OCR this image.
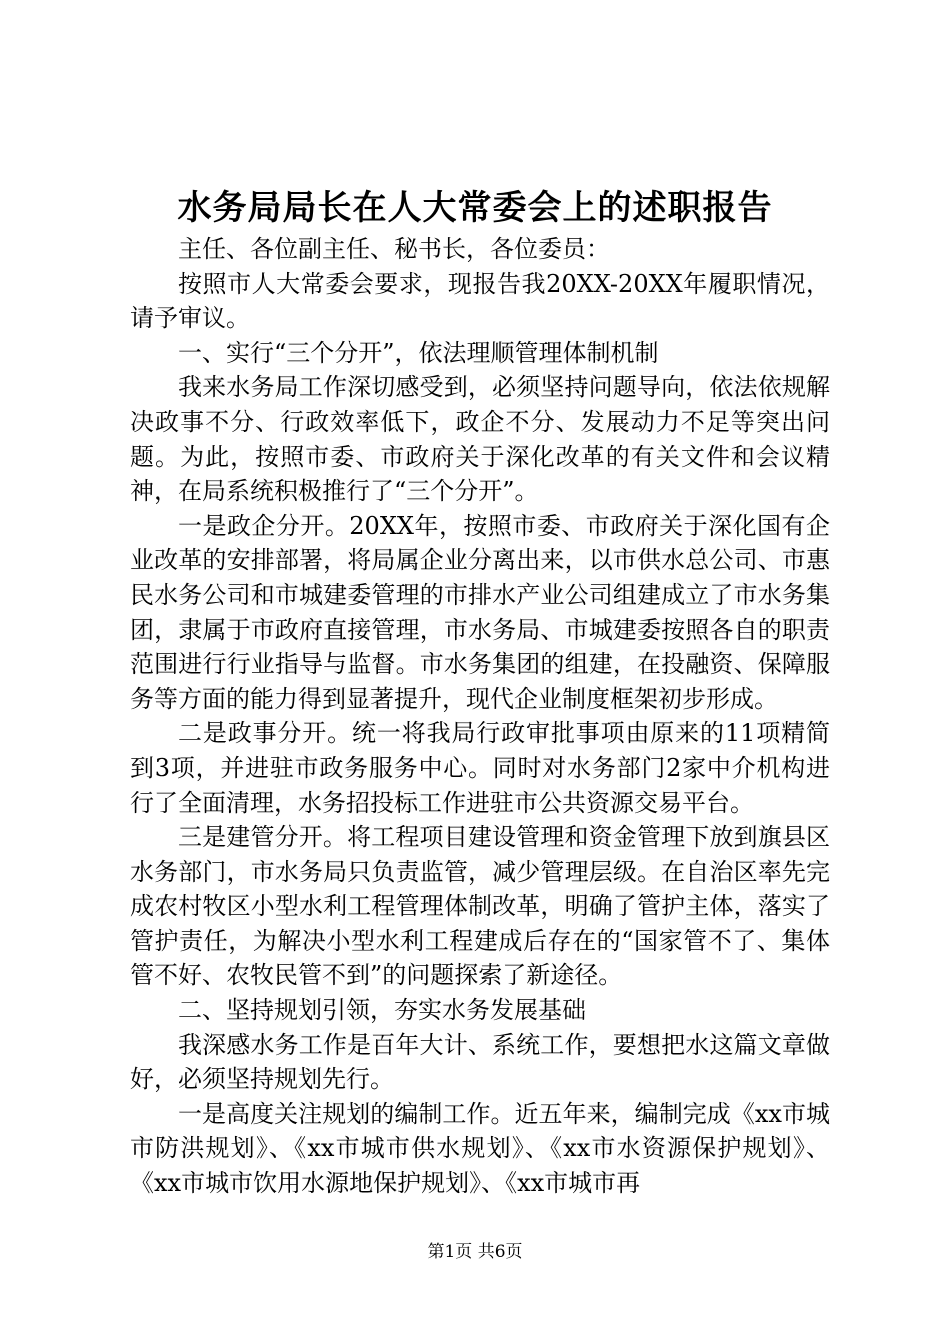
水务局局长在人大常委会上的述职报告

主任、各位副主任、秘书长，各位委员：

按照市人大常委会要求，现报告我20XX-20XX年履职情况，请予审议。

一、实行“三个分开”，依法理顺管理体制机制

我来水务局工作深切感受到，必须坚持问题导向，依法依规解决政事不分、行政效率低下，政企不分、发展动力不足等突出问题。为此，按照市委、市政府关于深化改革的有关文件和会议精神，在局系统积极推行了“三个分开”。

一是政企分开。20XX年，按照市委、市政府关于深化国有企业改革的安排部署，将局属企业分离出来，以市供水总公司、市惠民水务公司和市城建委管理的市排水产业公司组建成立了市水务集团，隶属于市政府直接管理，市水务局、市城建委按照各自的职责范围进行行业指导与监督。市水务集团的组建，在投融资、保障服务等方面的能力得到显著提升，现代企业制度框架初步形成。

二是政事分开。统一将我局行政审批事项由原来的11项精简到3项，并进驻市政务服务中心。同时对水务部门2家中介机构进行了全面清理，水务招投标工作进驻市公共资源交易平台。

三是建管分开。将工程项目建设管理和资金管理下放到旗县区水务部门，市水务局只负责监管，减少管理层级。在自治区率先完成农村牧区小型水利工程管理体制改革，明确了管护主体，落实了管护责任，为解决小型水利工程建成后存在的“国家管不了、集体管不好、农牧民管不到”的问题探索了新途径。

二、坚持规划引领，夯实水务发展基础

我深感水务工作是百年大计、系统工作，要想把水这篇文章做好，必须坚持规划先行。

一是高度关注规划的编制工作。近五年来，编制完成《xx市城市防洪规划》、《xx市城市供水规划》、《xx市水资源保护规划》、《xx市城市饮用水源地保护规划》、《xx市城市再

第1页 共6页
